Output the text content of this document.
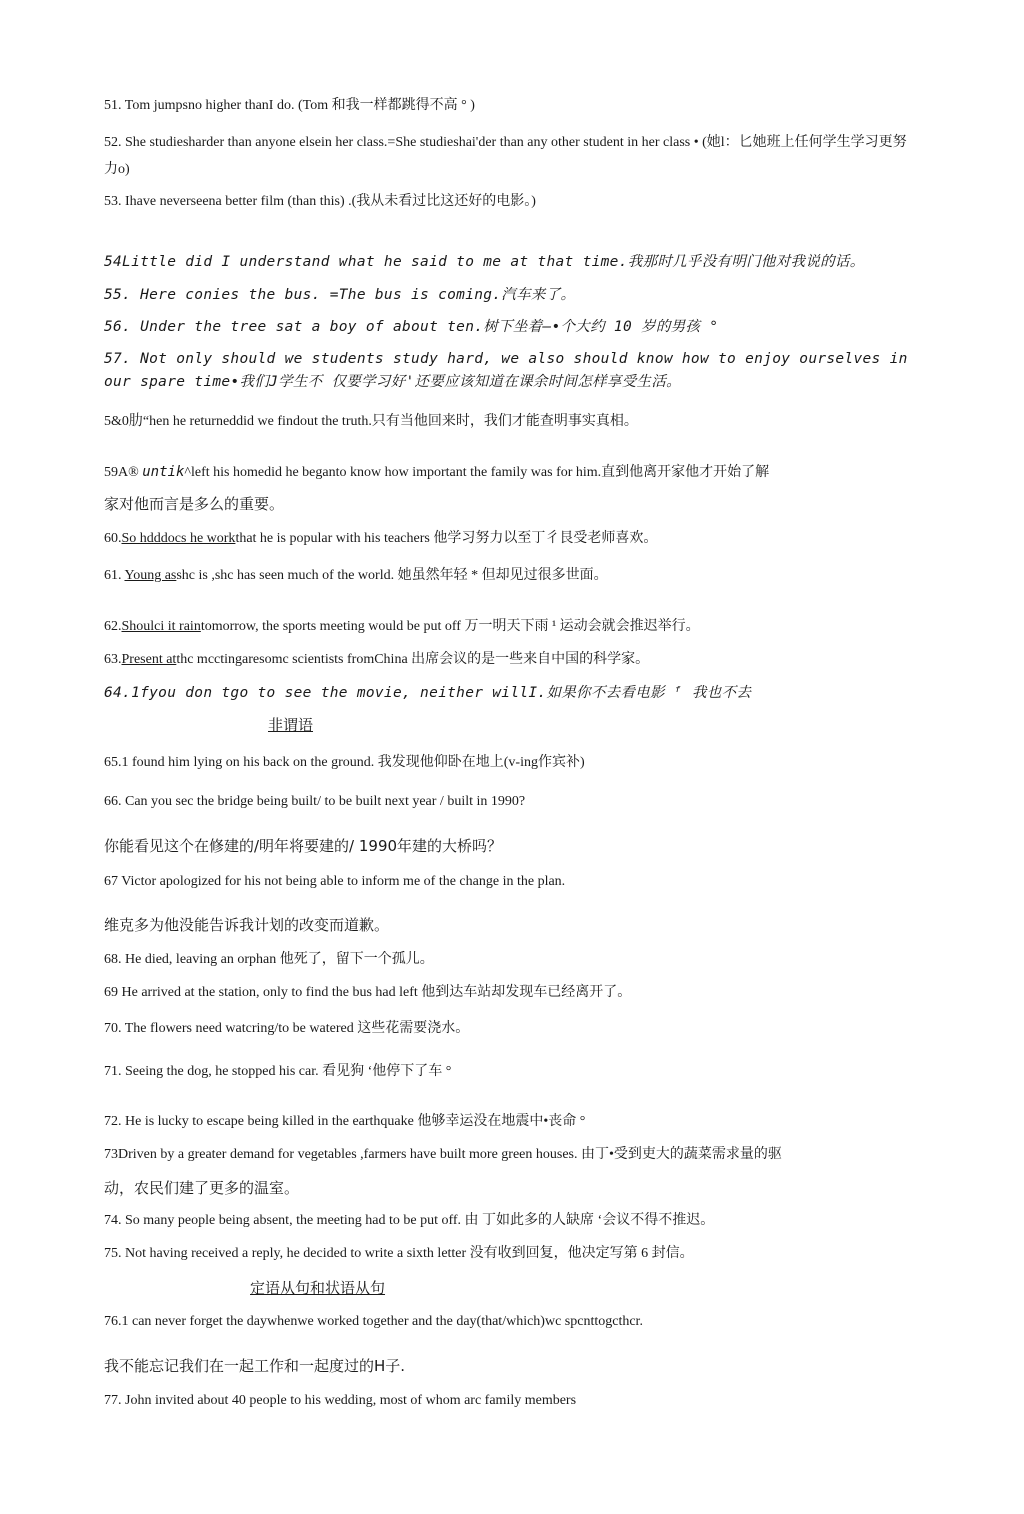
51. Tom jumpsno higher thanI do. (Tom 和我一样都跳得不高 ° )
52. She studiesharder than anyone elsein her class.=She studieshai'der than any other student in her class • (她l：匕她班上任何学生学习更努力o)
53. Ihave neverseena better film (than this) .(我从未看过比这还好的电影。)
54Little did I understand what he said to me at that time.我那时几乎没有明门他对我说的话。
55. Here conies the bus. =The bus is coming.汽车来了。
56. Under the tree sat a boy of about ten.树下坐着—•个大约 10 岁的男孩 °
57. Not only should we students study hard, we also should know how to enjoy ourselves in our spare time•我们J学生不 仅要学习好'还要应该知道在课余时间怎样享受生活。
5&0肋“hen he returneddid we findout the truth.只有当他回来时，我们才能查明事实真相。
59A® untik^left his homedid he beganto know how important the family was for him.直到他离开家他才开始了解
家对他而言是多么的重要。
60.So hdddocs he workthat he is popular with his teachers 他学习努力以至丁彳艮受老师喜欢。
61. Young asshc is ,shc has seen much of the world. 她虽然年轻 * 但却见过很多世面。
62.Shoulci it raintomorrow, the sports meeting would be put off 万一明天下雨 ¹ 运动会就会推迟举行。
63.Present atthc mcctingaresomc scientists fromChina 出席会议的是一些来自中国的科学家。
64.1fyou don tgo to see the movie, neither willI.如果你不去看电影 ᶠ 我也不去
非谓语
65.1 found him lying on his back on the ground. 我发现他仰卧在地上(v-ing作宾补)
66. Can you sec the bridge being built/ to be built next year / built in 1990?
你能看见这个在修建的/明年将要建的/ 1990年建的大桥吗？
67 Victor apologized for his not being able to inform me of the change in the plan.
维克多为他没能告诉我计划的改变而道歉。
68. He died, leaving an orphan 他死了，留下一个孤儿。
69 He arrived at the station, only to find the bus had left 他到达车站却发现车已经离开了。
70. The flowers need watcring/to be watered 这些花需要浇水。
71. Seeing the dog, he stopped his car. 看见狗 ‘他停下了车 °
72. He is lucky to escape being killed in the earthquake 他够幸运没在地震中•丧命 °
73Driven by a greater demand for vegetables ,farmers have built more green houses. 由丁•受到吏大的蔬菜需求量的驱
动，农民们建了更多的温室。
74. So many people being absent, the meeting had to be put off. 由 丁如此多的人缺席 ‘会议不得不推迟。
75. Not having received a reply, he decided to write a sixth letter 没有收到回复，他决定写第 6 封信。
定语从句和状语从句
76.1 can never forget the daywhenwe worked together and the day(that/which)wc spcnttogcthcr.
我不能忘记我们在一起工作和一起度过的H子.
77. John invited about 40 people to his wedding, most of whom arc family members
